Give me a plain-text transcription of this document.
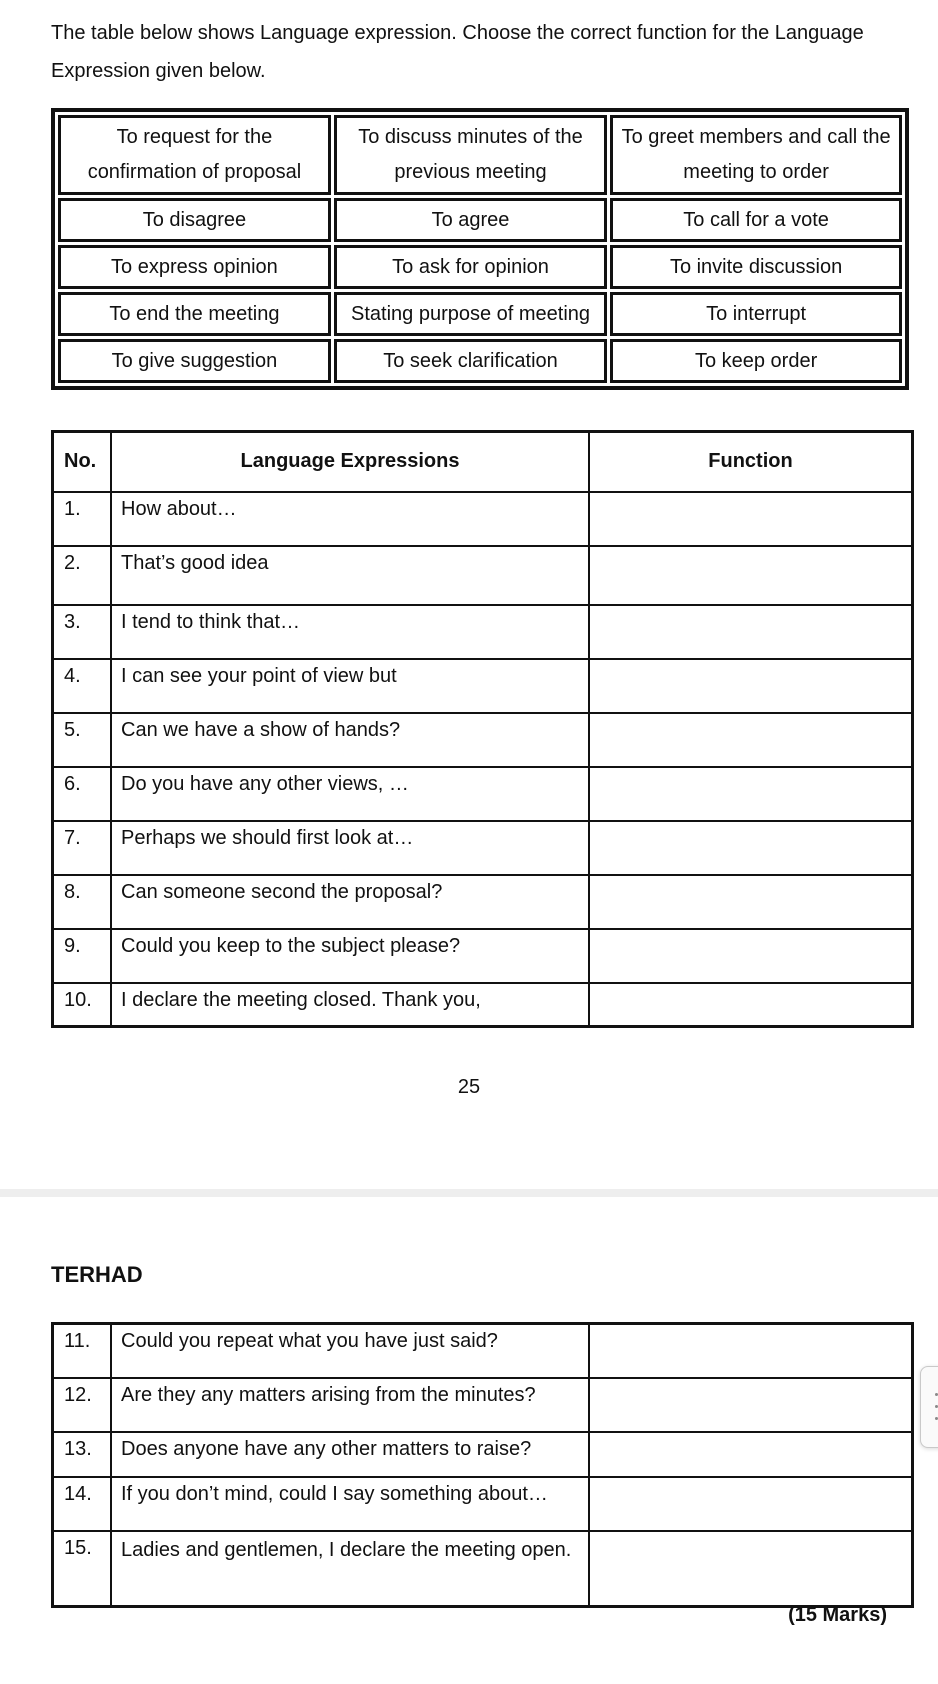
The table below shows Language expression. Choose the correct function for the Language Expression given below.

To request for the confirmation of proposal	To discuss minutes of the previous meeting	To greet members and call the meeting to order
To disagree	To agree	To call for a vote
To express opinion	To ask for opinion	To invite discussion
To end the meeting	Stating purpose of meeting	To interrupt
To give suggestion	To seek clarification	To keep order
No.	Language Expressions	Function
1.	How about…	
2.	That’s good idea	
3.	I tend to think that…	
4.	I can see your point of view but	
5.	Can we have a show of hands?	
6.	Do you have any other views, …	
7.	Perhaps we should first look at…	
8.	Can someone second the proposal?	
9.	Could you keep to the subject please?	
10.	I declare the meeting closed. Thank you,	

25

TERHAD

11.	Could you repeat what you have just said?	
12.	Are they any matters arising from the minutes?	
13.	Does anyone have any other matters to raise?	
14.	If you don’t mind, could I say something about…	
15.	Ladies and gentlemen, I declare the meeting open.	

(15 Marks)
